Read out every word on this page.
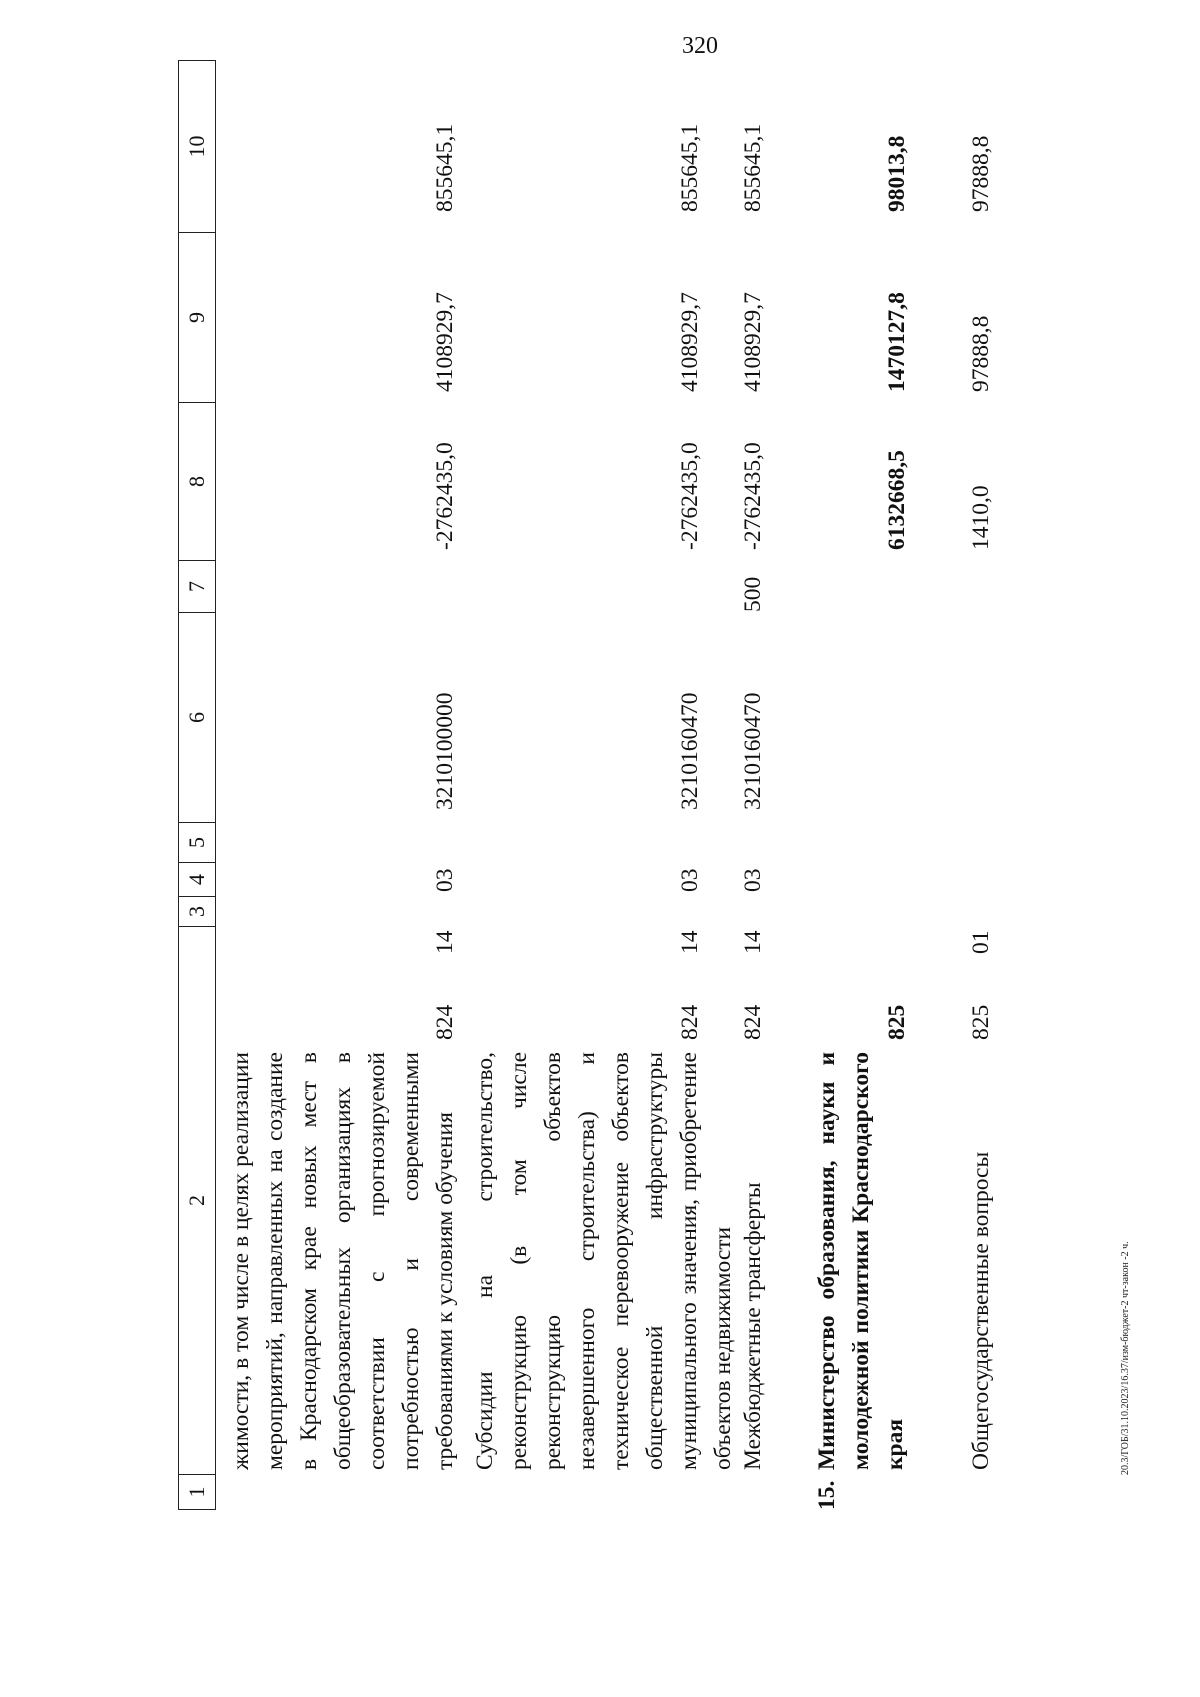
320
1
2
3
4
5
6
7
8
9
10
жимости, в том числе в целях реализации мероприятий, направленных на создание в Краснодарском крае новых мест в общеобразовательных организациях в соответствии с прогнозируемой потребностью и современными требованиями к условиям обучения
824
14
03
3210100000
-2762435,0
4108929,7
855645,1
Субсидии на строительство, реконструкцию (в том числе реконструкцию объектов незавершенного строительства) и техническое перевооружение объектов общественной инфраструктуры муниципального значения, приобретение объектов недвижимости
824
14
03
3210160470
-2762435,0
4108929,7
855645,1
Межбюджетные трансферты
824
14
03
3210160470
500
-2762435,0
4108929,7
855645,1
15.
Министерство образования, науки и молодежной политики Краснодарского края
825
6132668,5
1470127,8
98013,8
Общегосударственные вопросы
825
01
1410,0
97888,8
97888,8
20.3/ГОБ/31.10.2023/16.37/изм-бюджет-2 чт-закон -2 ч.
